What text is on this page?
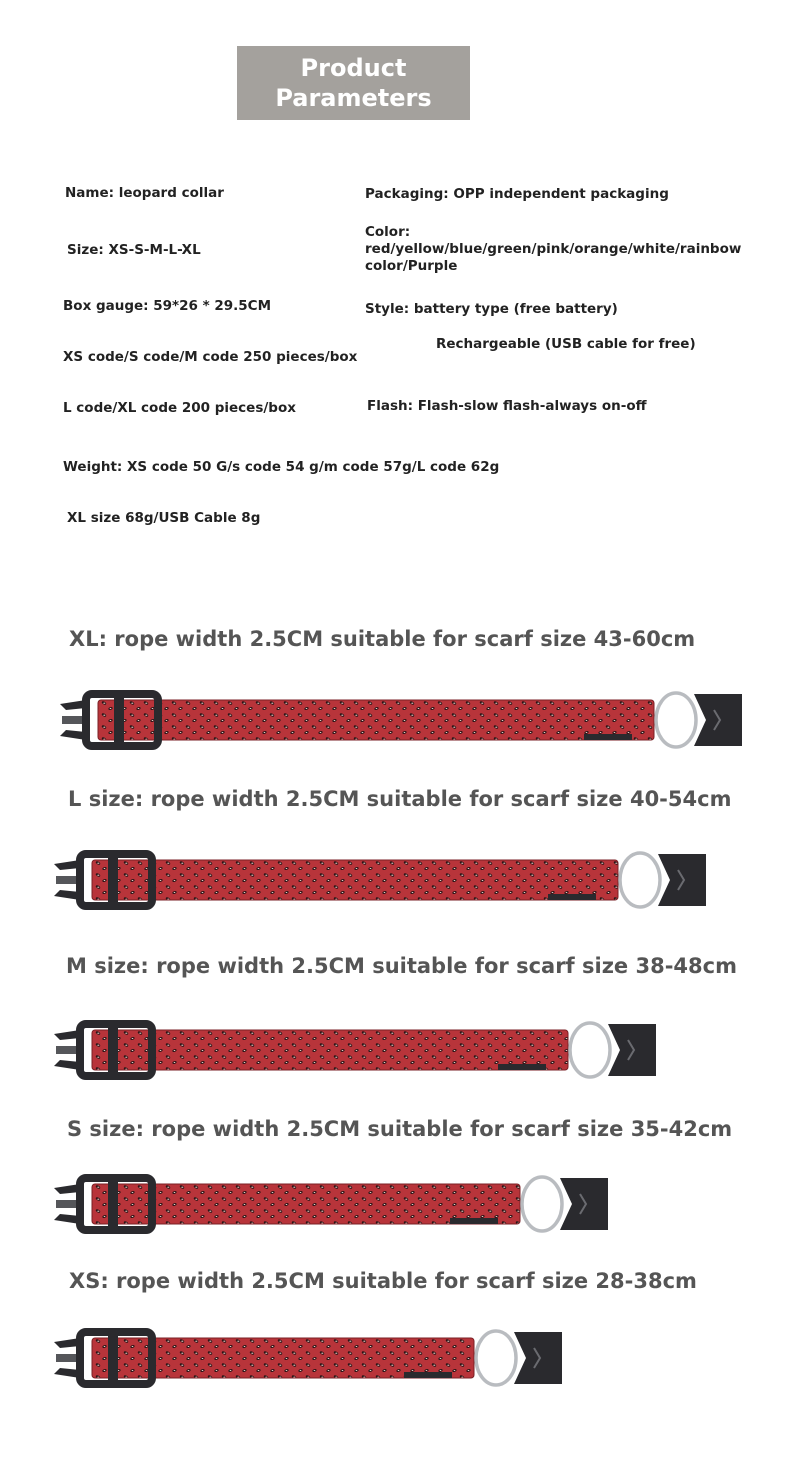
Product
Parameters
Name: leopard collar	Packaging: OPP independent packaging
Size: XS-S-M-L-XL
Color:
red/yellow/blue/green/pink/orange/white/rainbow
color/Purple
Box gauge: 59*26 * 29.5CM	Style: battery type (free battery)
Rechargeable (USB cable for free)
XS code/S code/M code 250 pieces/box
L code/XL code 200 pieces/box	Flash: Flash-slow flash-always on-off
Weight: XS code 50 G/s code 54 g/m code 57g/L code 62g
XL size 68g/USB Cable 8g
XL: rope width 2.5CM suitable for scarf size 43-60cm
L size: rope width 2.5CM suitable for scarf size 40-54cm
M size: rope width 2.5CM suitable for scarf size 38-48cm
S size: rope width 2.5CM suitable for scarf size 35-42cm
XS: rope width 2.5CM suitable for scarf size 28-38cm
